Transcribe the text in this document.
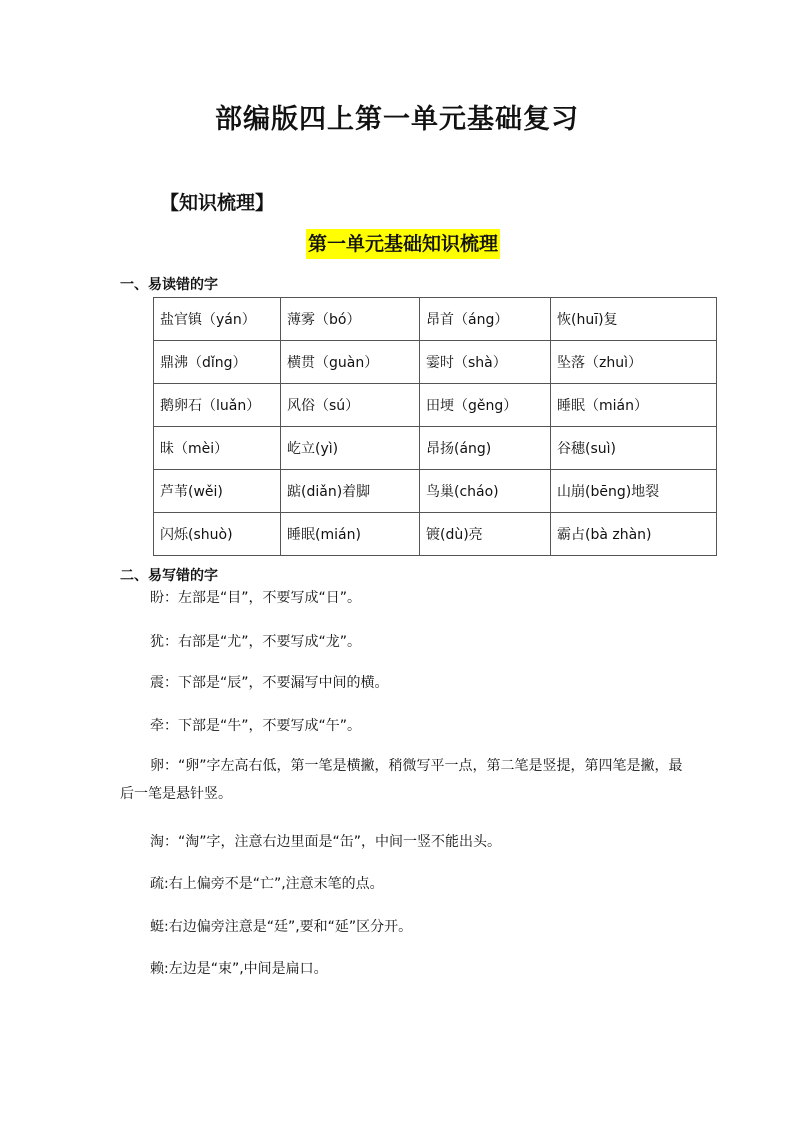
部编版四上第一单元基础复习
【知识梳理】
第一单元基础知识梳理
一、易读错的字
盐官镇（yán）	薄雾（bó）	昂首（áng）	恢(huī)复
鼎沸（dǐng）	横贯（guàn）	霎时（shà）	坠落（zhuì）
鹅卵石（luǎn）	风俗（sú）	田埂（gěng）	睡眠（mián）
昧（mèi）	屹立(yì)	昂扬(áng)	谷穗(suì)
芦苇(wěi)	踮(diǎn)着脚	鸟巢(cháo)	山崩(bēng)地裂
闪烁(shuò)	睡眠(mián)	镀(dù)亮	霸占(bà zhàn)
二、易写错的字

盼：左部是“目”，不要写成“日”。

犹：右部是“尤”，不要写成“龙”。

震：下部是“辰”，不要漏写中间的横。

牵：下部是“牛”，不要写成“午”。

卵：“卵”字左高右低，第一笔是横撇，稍微写平一点，第二笔是竖提，第四笔是撇，最后一笔是悬针竖。

淘：“淘”字，注意右边里面是“缶”，中间一竖不能出头。

疏:右上偏旁不是“亡”,注意末笔的点。

蜓:右边偏旁注意是“廷”,要和“延”区分开。

赖:左边是“束”,中间是扁口。
